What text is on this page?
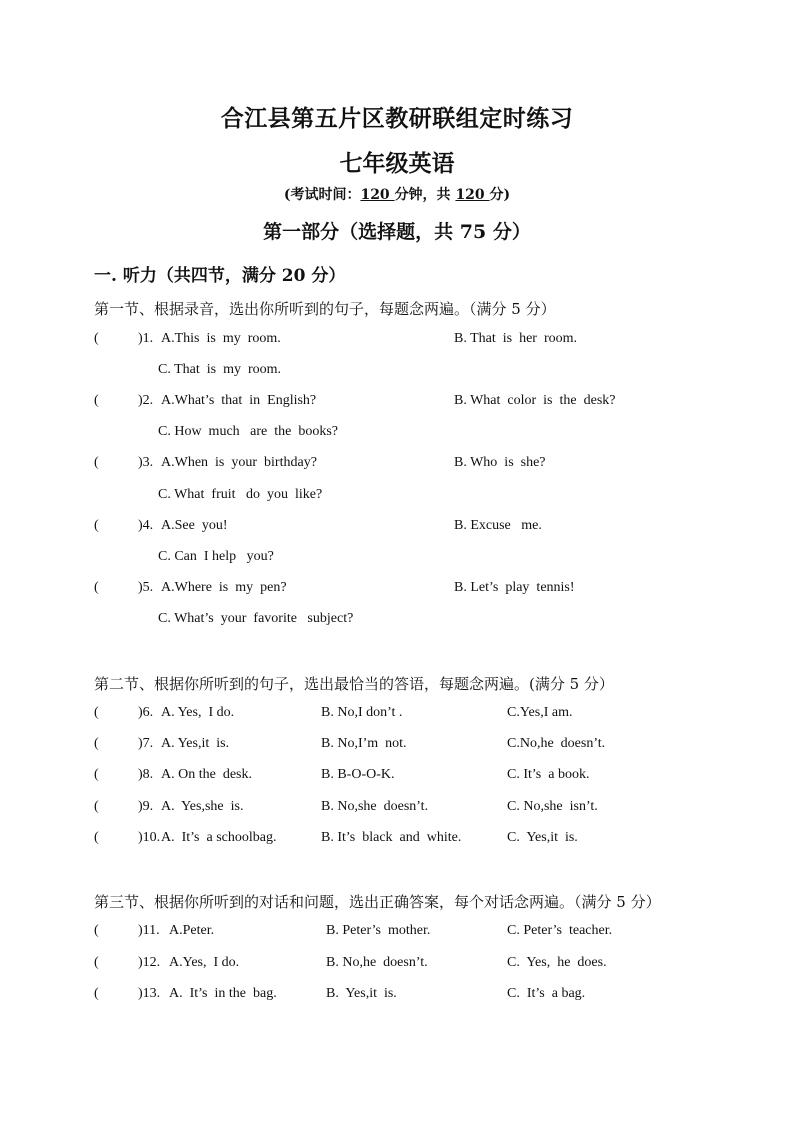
合江县第五片区教研联组定时练习
七年级英语
(考试时间：120 分钟，共 120 分)
第一部分（选择题，共 75 分）
一. 听力（共四节，满分 20 分）
第一节、根据录音，选出你所听到的句子，每题念两遍。（满分 5 分）
(	)1. A.This  is  my  room.	B. That  is  her  room.
C. That  is  my  room.
(	)2. A.What’s  that  in  English?	B. What  color  is  the  desk?
C. How  much   are  the  books?
(	)3. A.When  is  your  birthday?	B. Who  is  she?
C. What  fruit   do  you  like?
(	)4. A.See  you!	B. Excuse   me.
C. Can  I help   you?
(	)5. A.Where  is  my  pen?	B. Let’s  play  tennis!
C. What’s  your  favorite   subject?
第二节、根据你所听到的句子，选出最恰当的答语，每题念两遍。(满分 5 分）
(	)6. A. Yes,  I do.	B. No,I don’t .	C.Yes,I am.
(	)7. A. Yes,it  is.	B. No,I’m  not.	C.No,he  doesn’t.
(	)8. A. On the  desk.	B. B-O-O-K.	C. It’s  a book.
(	)9. A.  Yes,she  is.	B. No,she  doesn’t.	C. No,she  isn’t.
(	)10. A.  It’s  a schoolbag.	B. It’s  black  and  white.	C.  Yes,it  is.
第三节、根据你所听到的对话和问题，选出正确答案，每个对话念两遍。（满分 5 分）
(	)11. A.Peter.	B. Peter’s  mother.	C. Peter’s  teacher.
(	)12. A.Yes,  I do.	B. No,he  doesn’t.	C.  Yes,  he  does.
(	)13. A.  It’s  in the  bag.	B.  Yes,it  is.	C.  It’s  a bag.
